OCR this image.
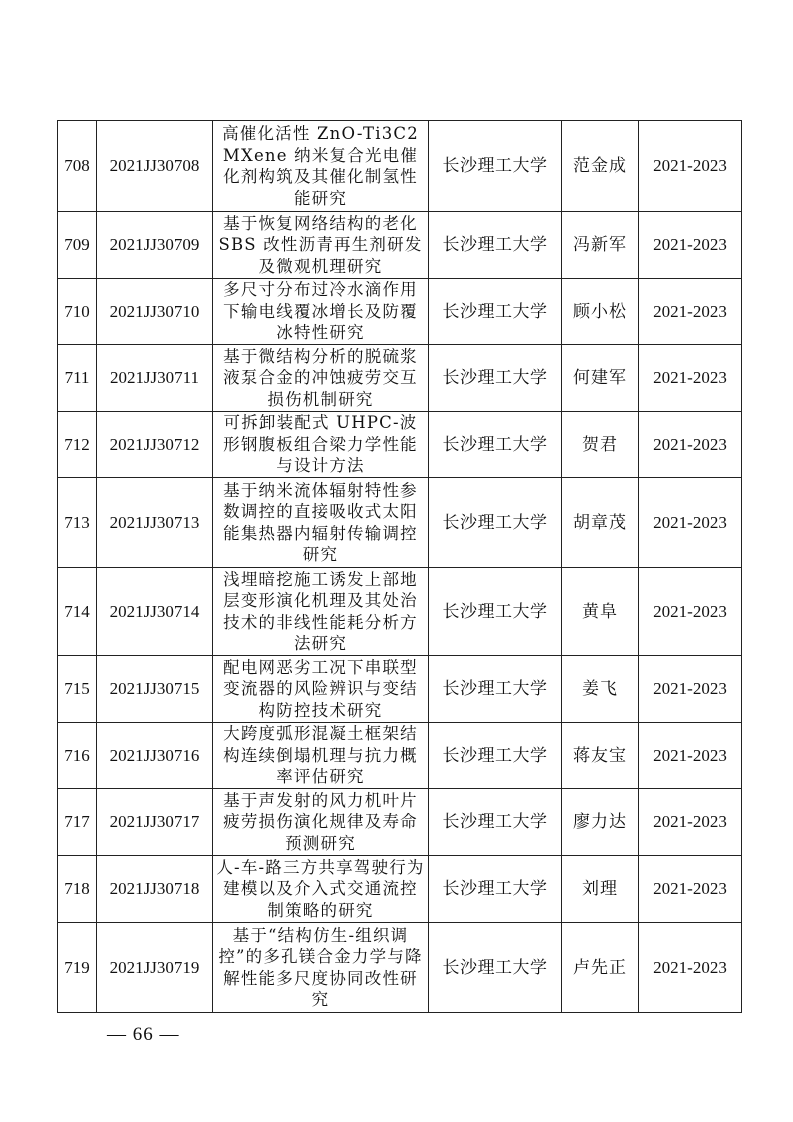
708	2021JJ30708	高催化活性 ZnO-Ti3C2 MXene 纳米复合光电催化剂构筑及其催化制氢性能研究	长沙理工大学	范金成	2021-2023
709	2021JJ30709	基于恢复网络结构的老化 SBS 改性沥青再生剂研发及微观机理研究	长沙理工大学	冯新军	2021-2023
710	2021JJ30710	多尺寸分布过冷水滴作用下输电线覆冰增长及防覆冰特性研究	长沙理工大学	顾小松	2021-2023
711	2021JJ30711	基于微结构分析的脱硫浆液泵合金的冲蚀疲劳交互损伤机制研究	长沙理工大学	何建军	2021-2023
712	2021JJ30712	可拆卸装配式 UHPC-波形钢腹板组合梁力学性能与设计方法	长沙理工大学	贺君	2021-2023
713	2021JJ30713	基于纳米流体辐射特性参数调控的直接吸收式太阳能集热器内辐射传输调控研究	长沙理工大学	胡章茂	2021-2023
714	2021JJ30714	浅埋暗挖施工诱发上部地层变形演化机理及其处治技术的非线性能耗分析方法研究	长沙理工大学	黄阜	2021-2023
715	2021JJ30715	配电网恶劣工况下串联型变流器的风险辨识与变结构防控技术研究	长沙理工大学	姜飞	2021-2023
716	2021JJ30716	大跨度弧形混凝土框架结构连续倒塌机理与抗力概率评估研究	长沙理工大学	蒋友宝	2021-2023
717	2021JJ30717	基于声发射的风力机叶片疲劳损伤演化规律及寿命预测研究	长沙理工大学	廖力达	2021-2023
718	2021JJ30718	人-车-路三方共享驾驶行为建模以及介入式交通流控制策略的研究	长沙理工大学	刘理	2021-2023
719	2021JJ30719	基于“结构仿生-组织调控”的多孔镁合金力学与降解性能多尺度协同改性研究	长沙理工大学	卢先正	2021-2023
— 66 —
